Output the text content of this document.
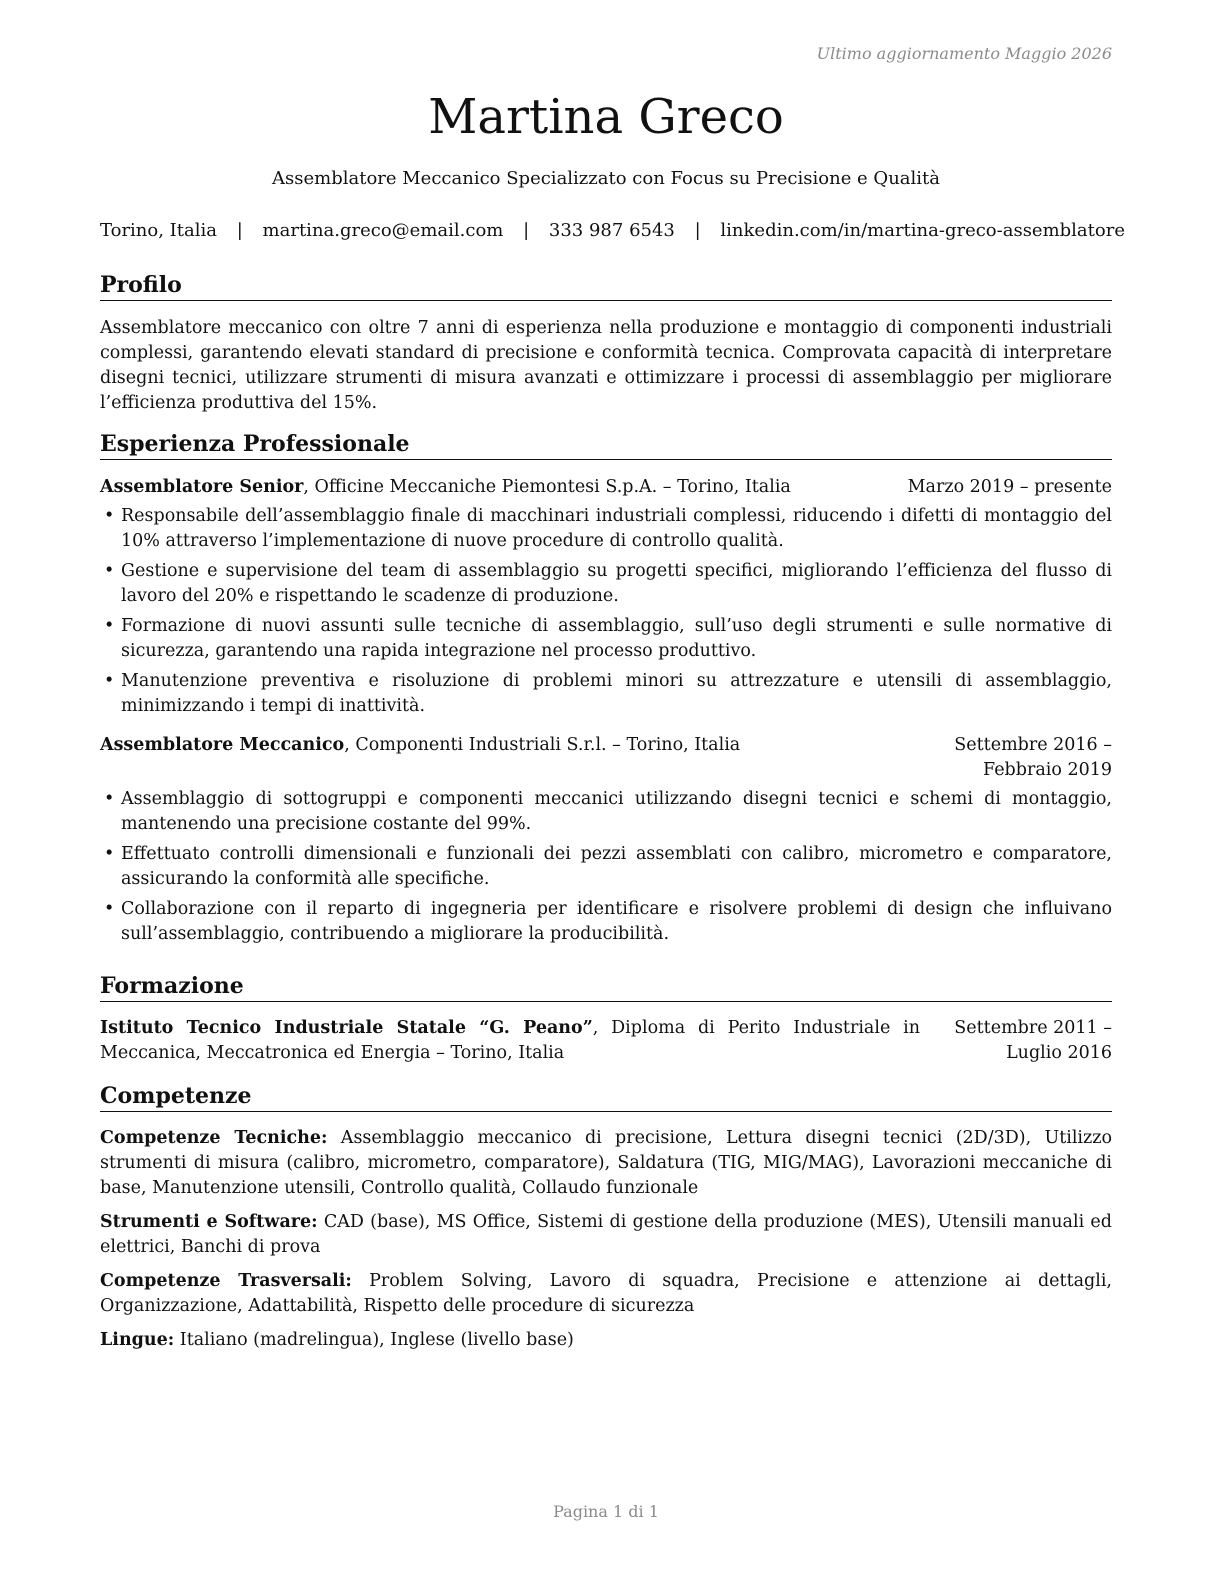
Ultimo aggiornamento Maggio 2026
Martina Greco
Assemblatore Meccanico Specializzato con Focus su Precisione e Qualità
Torino, Italia | martina.greco@email.com | 333 987 6543 | linkedin.com/in/martina-greco-assemblatore
Profilo

Assemblatore meccanico con oltre 7 anni di esperienza nella produzione e montaggio di componenti industriali complessi, garantendo elevati standard di precisione e conformità tecnica. Comprovata capacità di interpretare disegni tecnici, utilizzare strumenti di misura avanzati e ottimizzare i processi di assemblaggio per migliorare l’efficienza produttiva del 15%.

Esperienza Professionale
Assemblatore Senior, Officine Meccaniche Piemontesi S.p.A. – Torino, Italia	Marzo 2019 – presente
• Responsabile dell’assemblaggio finale di macchinari industriali complessi, riducendo i difetti di montaggio del 10% attraverso l’implementazione di nuove procedure di controllo qualità.
• Gestione e supervisione del team di assemblaggio su progetti specifici, migliorando l’efficienza del flusso di lavoro del 20% e rispettando le scadenze di produzione.
• Formazione di nuovi assunti sulle tecniche di assemblaggio, sull’uso degli strumenti e sulle normative di sicurezza, garantendo una rapida integrazione nel processo produttivo.
• Manutenzione preventiva e risoluzione di problemi minori su attrezzature e utensili di assemblaggio, minimizzando i tempi di inattività.
Assemblatore Meccanico, Componenti Industriali S.r.l. – Torino, Italia	Settembre 2016 – Febbraio 2019
• Assemblaggio di sottogruppi e componenti meccanici utilizzando disegni tecnici e schemi di montaggio, mantenendo una precisione costante del 99%.
• Effettuato controlli dimensionali e funzionali dei pezzi assemblati con calibro, micrometro e comparatore, assicurando la conformità alle specifiche.
• Collaborazione con il reparto di ingegneria per identificare e risolvere problemi di design che influivano sull’assemblaggio, contribuendo a migliorare la producibilità.
Formazione
Istituto Tecnico Industriale Statale “G. Peano”, Diploma di Perito Industriale in Meccanica, Meccatronica ed Energia – Torino, Italia
Settembre 2011 – Luglio 2016
Competenze

Competenze Tecniche: Assemblaggio meccanico di precisione, Lettura disegni tecnici (2D/3D), Utilizzo strumenti di misura (calibro, micrometro, comparatore), Saldatura (TIG, MIG/MAG), Lavorazioni meccaniche di base, Manutenzione utensili, Controllo qualità, Collaudo funzionale

Strumenti e Software: CAD (base), MS Office, Sistemi di gestione della produzione (MES), Utensili manuali ed elettrici, Banchi di prova

Competenze Trasversali: Problem Solving, Lavoro di squadra, Precisione e attenzione ai dettagli, Organizzazione, Adattabilità, Rispetto delle procedure di sicurezza

Lingue: Italiano (madrelingua), Inglese (livello base)

Pagina 1 di 1
